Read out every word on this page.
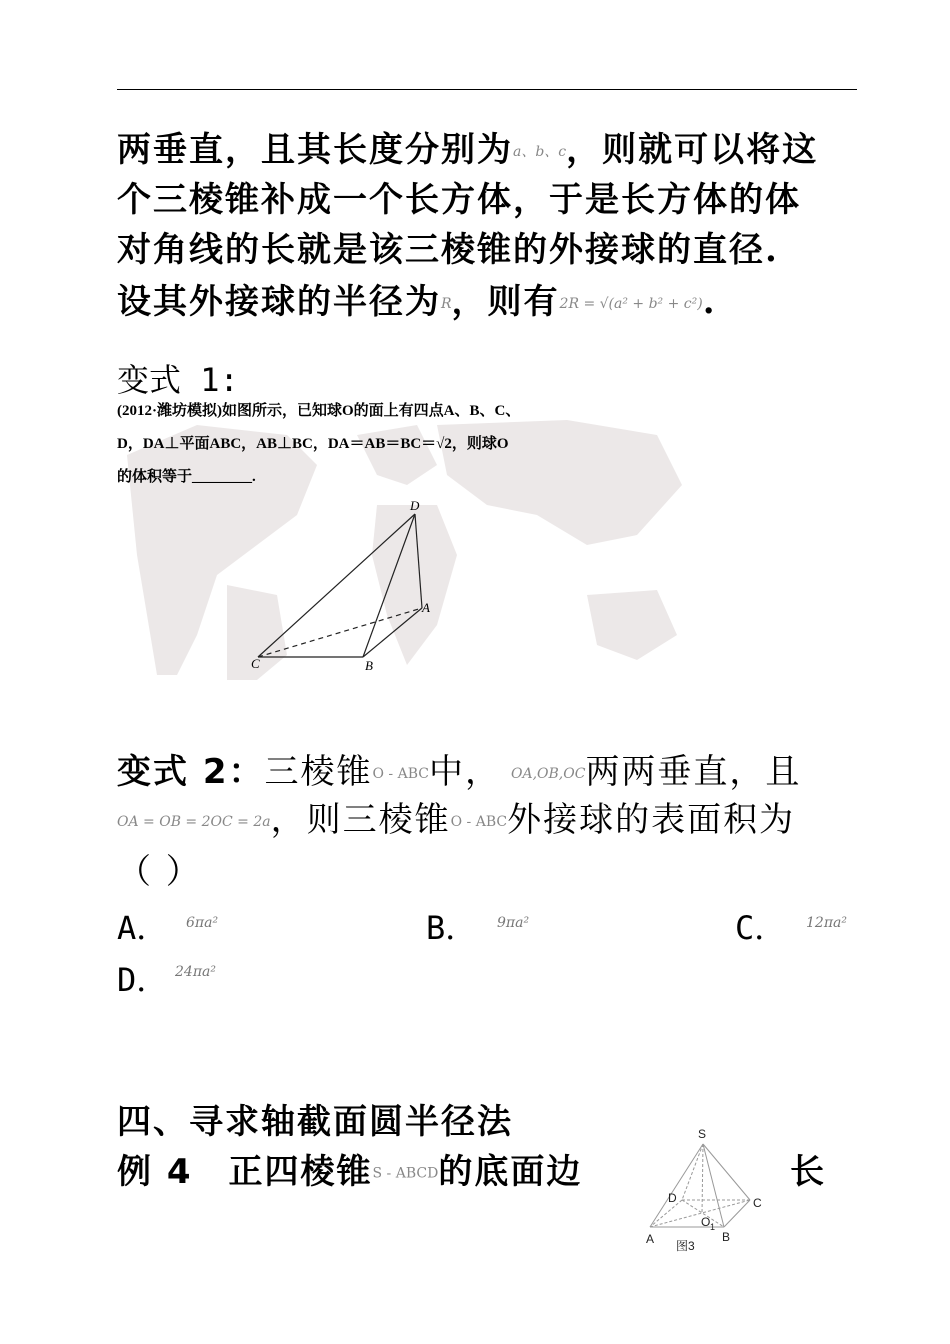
两垂直，且其长度分别为a、b、c，则就可以将这
个三棱锥补成一个长方体，于是长方体的体
对角线的长就是该三棱锥的外接球的直径.
设其外接球的半径为R，则有2R = √(a² + b² + c²).
变式 1:
(2012·潍坊模拟)如图所示，已知球O的面上有四点A、B、C、
D，DA⊥平面ABC，AB⊥BC，DA＝AB＝BC＝√2，则球O
的体积等于________.
D
A
B
C
变式 2：三棱锥O - ABC中， OA,OB,OC两两垂直，且
OA = OB = 2OC = 2a，则三棱锥O - ABC外接球的表面积为
（ ）
A． 6πa²	B． 9πa²	C． 12πa²
D． 24πa²
四、寻求轴截面圆半径法
例 4 正四棱锥S - ABCD的底面边	长
S
D	C
O 1
A	B
图3
